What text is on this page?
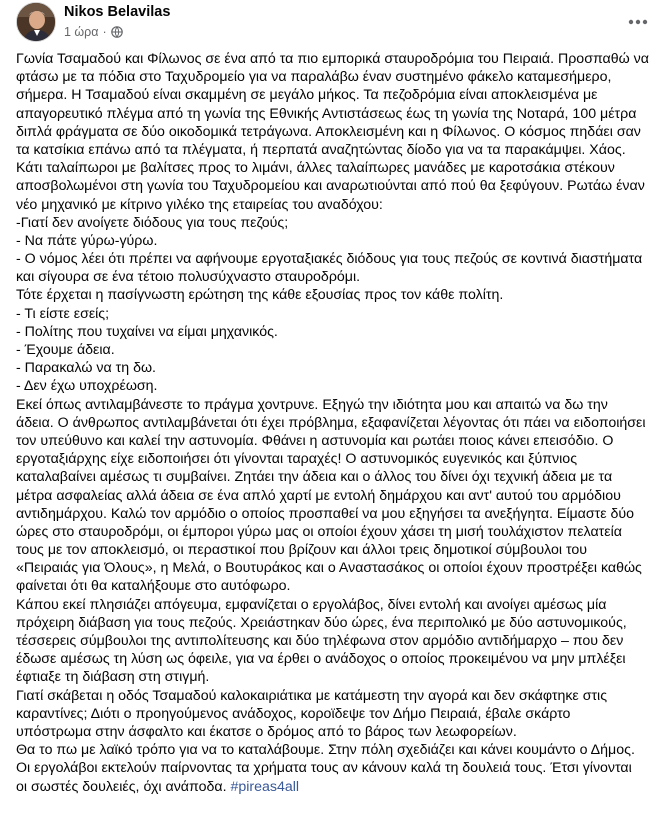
Nikos Belavilas
1 ώρα ·
Γωνία Τσαμαδού και Φίλωνος σε ένα από τα πιο εμπορικά σταυροδρόμια του Πειραιά. Προσπαθώ να
φτάσω με τα πόδια στο Ταχυδρομείο για να παραλάβω έναν συστημένο φάκελο καταμεσήμερο,
σήμερα. Η Τσαμαδού είναι σκαμμένη σε μεγάλο μήκος. Τα πεζοδρόμια είναι αποκλεισμένα με
απαγορευτικό πλέγμα από τη γωνία της Εθνικής Αντιστάσεως έως τη γωνία της Νοταρά, 100 μέτρα
διπλά φράγματα σε δύο οικοδομικά τετράγωνα. Αποκλεισμένη και η Φίλωνος. Ο κόσμος πηδάει σαν
τα κατσίκια επάνω από τα πλέγματα, ή περπατά αναζητώντας δίοδο για να τα παρακάμψει. Χάος.
Κάτι ταλαίπωροι με βαλίτσες προς το λιμάνι, άλλες ταλαίπωρες μανάδες με καροτσάκια στέκουν
αποσβολωμένοι στη γωνία του Ταχυδρομείου και αναρωτιούνται από πού θα ξεφύγουν. Ρωτάω έναν
νέο μηχανικό με κίτρινο γιλέκο της εταιρείας του αναδόχου:
-Γιατί δεν ανοίγετε διόδους για τους πεζούς;
- Να πάτε γύρω-γύρω.
- Ο νόμος λέει ότι πρέπει να αφήνουμε εργοταξιακές διόδους για τους πεζούς σε κοντινά διαστήματα
και σίγουρα σε ένα τέτοιο πολυσύχναστο σταυροδρόμι.
Τότε έρχεται η πασίγνωστη ερώτηση της κάθε εξουσίας προς τον κάθε πολίτη.
- Τι είστε εσείς;
- Πολίτης που τυχαίνει να είμαι μηχανικός.
- Έχουμε άδεια.
- Παρακαλώ να τη δω.
- Δεν έχω υποχρέωση.
Εκεί όπως αντιλαμβάνεστε το πράγμα χοντρυνε. Εξηγώ την ιδιότητα μου και απαιτώ να δω την
άδεια. Ο άνθρωπος αντιλαμβάνεται ότι έχει πρόβλημα, εξαφανίζεται λέγοντας ότι πάει να ειδοποιήσει
τον υπεύθυνο και καλεί την αστυνομία. Φθάνει η αστυνομία και ρωτάει ποιος κάνει επεισόδιο. Ο
εργοταξιάρχης είχε ειδοποιήσει ότι γίνονται ταραχές! Ο αστυνομικός ευγενικός και ξύπνιος
καταλαβαίνει αμέσως τι συμβαίνει. Ζητάει την άδεια και ο άλλος του δίνει όχι τεχνική άδεια με τα
μέτρα ασφαλείας αλλά άδεια σε ένα απλό χαρτί με εντολή δημάρχου και αντ' αυτού του αρμόδιου
αντιδημάρχου. Καλώ τον αρμόδιο ο οποίος προσπαθεί να μου εξηγήσει τα ανεξήγητα. Είμαστε δύο
ώρες στο σταυροδρόμι, οι έμποροι γύρω μας οι οποίοι έχουν χάσει τη μισή τουλάχιστον πελατεία
τους με τον αποκλεισμό, οι περαστικοί που βρίζουν και άλλοι τρεις δημοτικοί σύμβουλοι του
«Πειραιάς για Όλους», η Μελά, ο Βουτυράκος και ο Αναστασάκος οι οποίοι έχουν προστρέξει καθώς
φαίνεται ότι θα καταλήξουμε στο αυτόφωρο.
Κάπου εκεί πλησιάζει απόγευμα, εμφανίζεται ο εργολάβος, δίνει εντολή και ανοίγει αμέσως μία
πρόχειρη διάβαση για τους πεζούς. Χρειάστηκαν δύο ώρες, ένα περιπολικό με δύο αστυνομικούς,
τέσσερεις σύμβουλοι της αντιπολίτευσης και δύο τηλέφωνα στον αρμόδιο αντιδήμαρχο – που δεν
έδωσε αμέσως τη λύση ως όφειλε, για να έρθει ο ανάδοχος ο οποίος προκειμένου να μην μπλέξει
έφτιαξε τη διάβαση στη στιγμή.
Γιατί σκάβεται η οδός Τσαμαδού καλοκαιριάτικα με κατάμεστη την αγορά και δεν σκάφτηκε στις
καραντίνες; Διότι ο προηγούμενος ανάδοχος, κοροϊδεψε τον Δήμο Πειραιά, έβαλε σκάρτο
υπόστρωμα στην άσφαλτο και έκατσε ο δρόμος από το βάρος των λεωφορείων.
Θα το πω με λαϊκό τρόπο για να το καταλάβουμε. Στην πόλη σχεδιάζει και κάνει κουμάντο ο Δήμος.
Οι εργολάβοι εκτελούν παίρνοντας τα χρήματα τους αν κάνουν καλά τη δουλειά τους. Έτσι γίνονται
οι σωστές δουλειές, όχι ανάποδα. #pireas4all
